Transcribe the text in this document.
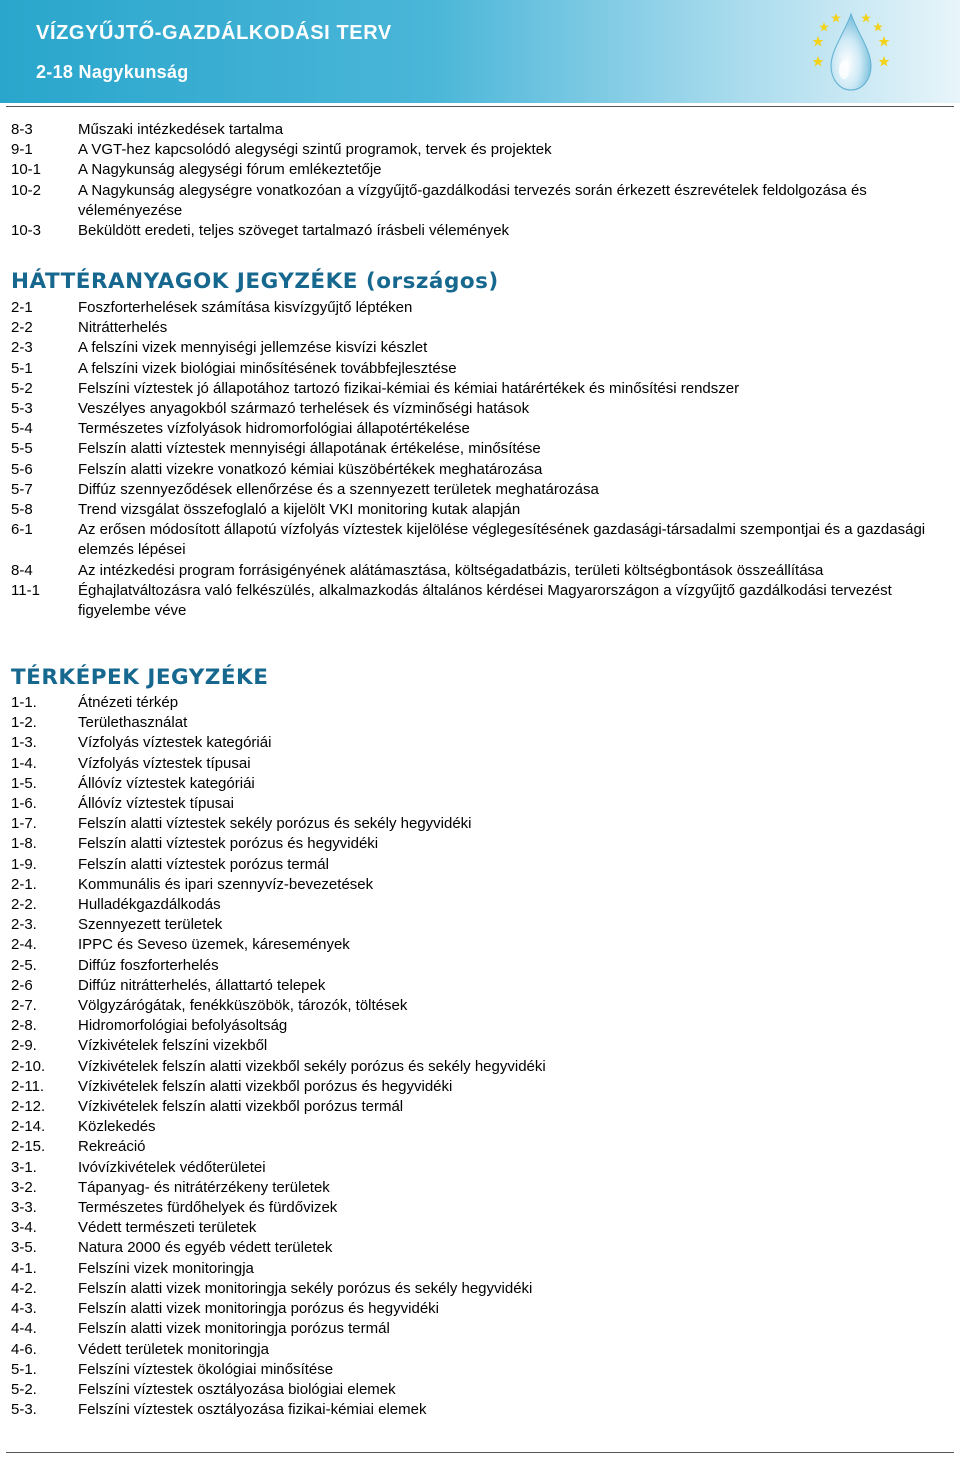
VÍZGYŰJTŐ-GAZDÁLKODÁSI TERV
2-18 Nagykunság
8-3	Műszaki intézkedések tartalma
9-1	A VGT-hez kapcsolódó alegységi szintű programok, tervek és projektek
10-1	A Nagykunság alegységi fórum emlékeztetője
10-2	A Nagykunság alegységre vonatkozóan a vízgyűjtő-gazdálkodási tervezés során érkezett észrevételek feldolgozása és véleményezése
10-3	Beküldött eredeti, teljes szöveget tartalmazó írásbeli vélemények
HÁTTÉRANYAGOK JEGYZÉKE (országos)
2-1	Foszforterhelések számítása kisvízgyűjtő léptéken
2-2	Nitrátterhelés
2-3	A felszíni vizek mennyiségi jellemzése kisvízi készlet
5-1	A felszíni vizek biológiai minősítésének továbbfejlesztése
5-2	Felszíni víztestek jó állapotához tartozó fizikai-kémiai és kémiai határértékek és minősítési rendszer
5-3	Veszélyes anyagokból származó terhelések és vízminőségi hatások
5-4	Természetes vízfolyások hidromorfológiai állapotértékelése
5-5	Felszín alatti víztestek mennyiségi állapotának értékelése, minősítése
5-6	Felszín alatti vizekre vonatkozó kémiai küszöbértékek meghatározása
5-7	Diffúz szennyeződések ellenőrzése és a szennyezett területek meghatározása
5-8	Trend vizsgálat összefoglaló a kijelölt VKI monitoring kutak alapján
6-1	Az erősen módosított állapotú vízfolyás víztestek kijelölése véglegesítésének gazdasági-társadalmi szempontjai és a gazdasági elemzés lépései
8-4	Az intézkedési program forrásigényének alátámasztása, költségadatbázis, területi költségbontások összeállítása
11-1	Éghajlatváltozásra való felkészülés, alkalmazkodás általános kérdései Magyarországon a vízgyűjtő gazdálkodási tervezést figyelembe véve
TÉRKÉPEK JEGYZÉKE
1-1.	Átnézeti térkép
1-2.	Területhasználat
1-3.	Vízfolyás víztestek kategóriái
1-4.	Vízfolyás víztestek típusai
1-5.	Állóvíz víztestek kategóriái
1-6.	Állóvíz víztestek típusai
1-7.	Felszín alatti víztestek sekély porózus és sekély hegyvidéki
1-8.	Felszín alatti víztestek porózus és hegyvidéki
1-9.	Felszín alatti víztestek porózus termál
2-1.	Kommunális és ipari szennyvíz-bevezetések
2-2.	Hulladékgazdálkodás
2-3.	Szennyezett területek
2-4.	IPPC és Seveso üzemek, káresemények
2-5.	Diffúz foszforterhelés
2-6	Diffúz nitrátterhelés, állattartó telepek
2-7.	Völgyzárógátak, fenékküszöbök, tározók, töltések
2-8.	Hidromorfológiai befolyásoltság
2-9.	Vízkivételek felszíni vizekből
2-10.	Vízkivételek felszín alatti vizekből sekély porózus és sekély hegyvidéki
2-11.	Vízkivételek felszín alatti vizekből porózus és hegyvidéki
2-12.	Vízkivételek felszín alatti vizekből porózus termál
2-14.	Közlekedés
2-15.	Rekreáció
3-1.	Ivóvízkivételek védőterületei
3-2.	Tápanyag- és nitrátérzékeny területek
3-3.	Természetes fürdőhelyek és fürdővizek
3-4.	Védett természeti területek
3-5.	Natura 2000 és egyéb védett területek
4-1.	Felszíni vizek monitoringja
4-2.	Felszín alatti vizek monitoringja sekély porózus és sekély hegyvidéki
4-3.	Felszín alatti vizek monitoringja porózus és hegyvidéki
4-4.	Felszín alatti vizek monitoringja porózus termál
4-6.	Védett területek monitoringja
5-1.	Felszíni víztestek ökológiai minősítése
5-2.	Felszíni víztestek osztályozása biológiai elemek
5-3.	Felszíni víztestek osztályozása fizikai-kémiai elemek
